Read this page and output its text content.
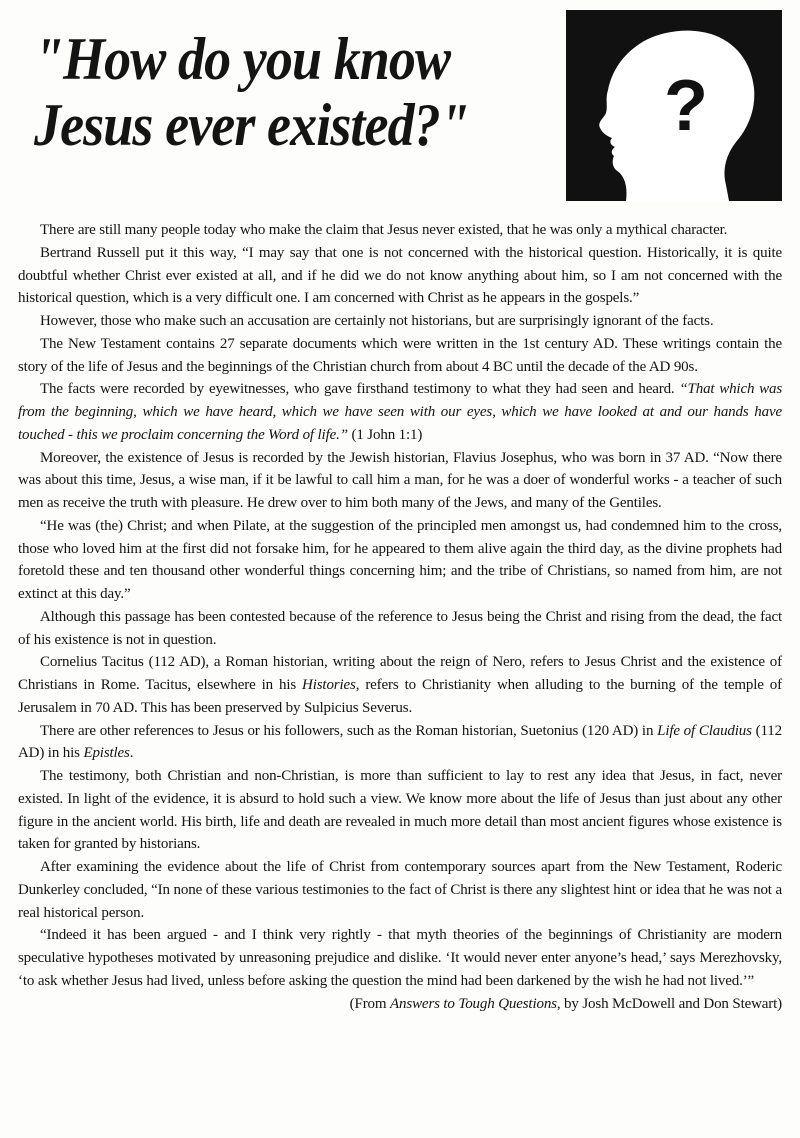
"How do you know
Jesus ever existed?"	?

There are still many people today who make the claim that Jesus never existed, that he was only a mythical character.

Bertrand Russell put it this way, “I may say that one is not concerned with the historical question. Historically, it is quite doubtful whether Christ ever existed at all, and if he did we do not know anything about him, so I am not concerned with the historical question, which is a very difficult one. I am concerned with Christ as he appears in the gospels.”

However, those who make such an accusation are certainly not historians, but are surprisingly ignorant of the facts.

The New Testament contains 27 separate documents which were written in the 1st century AD. These writings contain the story of the life of Jesus and the beginnings of the Christian church from about 4 BC until the decade of the AD 90s.

The facts were recorded by eyewitnesses, who gave firsthand testimony to what they had seen and heard. “That which was from the beginning, which we have heard, which we have seen with our eyes, which we have looked at and our hands have touched - this we proclaim concerning the Word of life.” (1 John 1:1)

Moreover, the existence of Jesus is recorded by the Jewish historian, Flavius Josephus, who was born in 37 AD. “Now there was about this time, Jesus, a wise man, if it be lawful to call him a man, for he was a doer of wonderful works - a teacher of such men as receive the truth with pleasure. He drew over to him both many of the Jews, and many of the Gentiles.

“He was (the) Christ; and when Pilate, at the suggestion of the principled men amongst us, had condemned him to the cross, those who loved him at the first did not forsake him, for he appeared to them alive again the third day, as the divine prophets had foretold these and ten thousand other wonderful things concerning him; and the tribe of Christians, so named from him, are not extinct at this day.”

Although this passage has been contested because of the reference to Jesus being the Christ and rising from the dead, the fact of his existence is not in question.

Cornelius Tacitus (112 AD), a Roman historian, writing about the reign of Nero, refers to Jesus Christ and the existence of Christians in Rome. Tacitus, elsewhere in his Histories, refers to Christianity when alluding to the burning of the temple of Jerusalem in 70 AD. This has been preserved by Sulpicius Severus.

There are other references to Jesus or his followers, such as the Roman historian, Suetonius (120 AD) in Life of Claudius (112 AD) in his Epistles.

The testimony, both Christian and non-Christian, is more than sufficient to lay to rest any idea that Jesus, in fact, never existed. In light of the evidence, it is absurd to hold such a view. We know more about the life of Jesus than just about any other figure in the ancient world. His birth, life and death are revealed in much more detail than most ancient figures whose existence is taken for granted by historians.

After examining the evidence about the life of Christ from contemporary sources apart from the New Testament, Roderic Dunkerley concluded, “In none of these various testimonies to the fact of Christ is there any slightest hint or idea that he was not a real historical person.

“Indeed it has been argued - and I think very rightly - that myth theories of the beginnings of Christianity are modern speculative hypotheses motivated by unreasoning prejudice and dislike. ‘It would never enter anyone’s head,’ says Merezhovsky, ‘to ask whether Jesus had lived, unless before asking the question the mind had been darkened by the wish he had not lived.’”

(From Answers to Tough Questions, by Josh McDowell and Don Stewart)
